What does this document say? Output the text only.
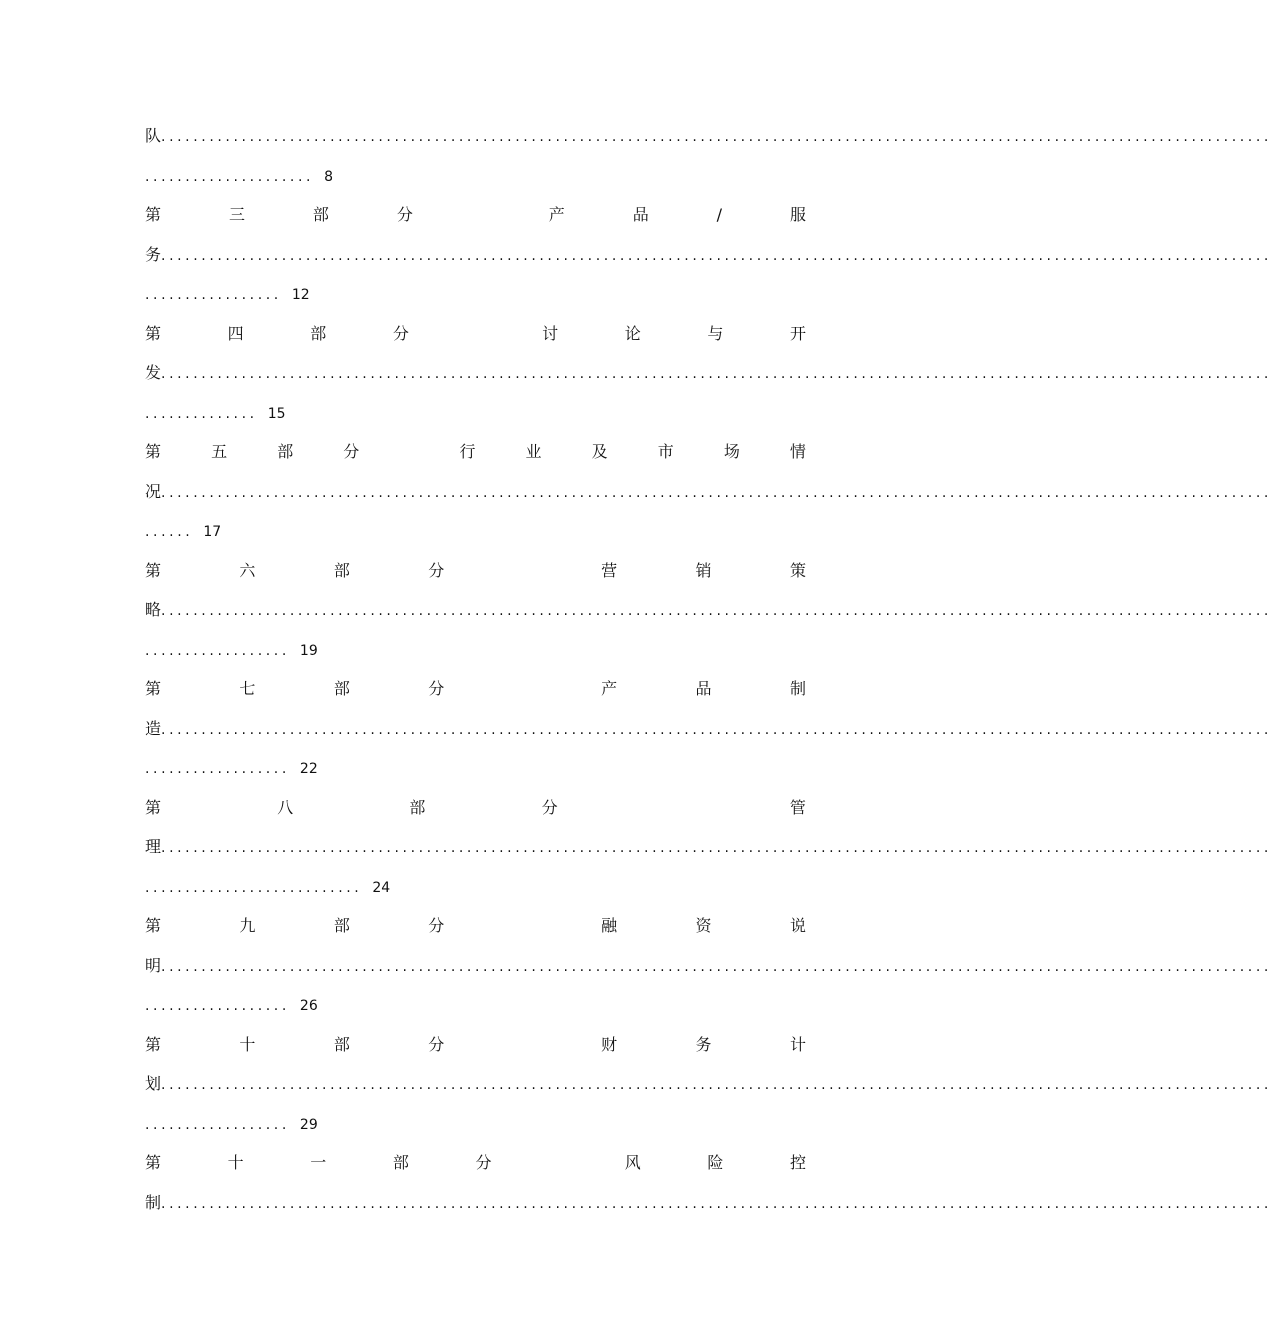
队 ..........................................................................................................................................
..................... 8
第	三	部	分	产	品	/	服
务 ..........................................................................................................................................
................. 12
第	四	部	分	讨	论	与	开
发 ..........................................................................................................................................
.............. 15
第	五	部	分	行	业	及	市	场	情
况 ..........................................................................................................................................
...... 17
第	六	部	分	营	销	策
略 ..........................................................................................................................................
.................. 19
第	七	部	分	产	品	制
造 ..........................................................................................................................................
.................. 22
第	八	部	分	管
理 ..........................................................................................................................................
........................... 24
第	九	部	分	融	资	说
明 ..........................................................................................................................................
.................. 26
第	十	部	分	财	务	计
划 ..........................................................................................................................................
.................. 29
第	十	一	部	分	风	险	控
制 ..........................................................................................................................................
